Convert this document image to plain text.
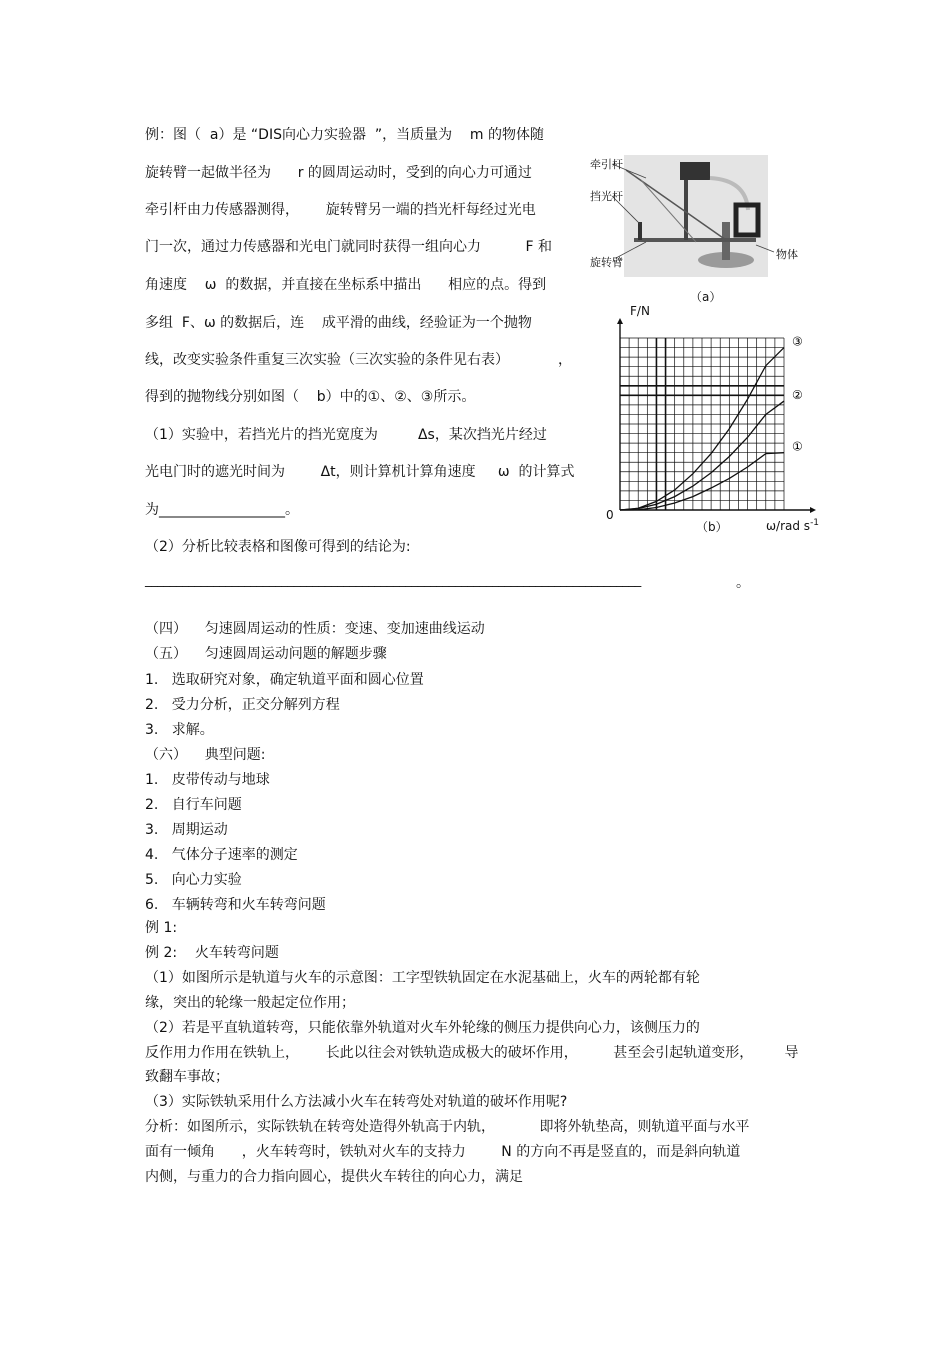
例：图（  a）是 “DIS向心力实验器  ”，当质量为    m 的物体随
旋转臂一起做半径为      r 的圆周运动时，受到的向心力可通过
牵引杆由力传感器测得，      旋转臂另一端的挡光杆每经过光电
门一次，通过力传感器和光电门就同时获得一组向心力          F 和
角速度    ω  的数据，并直接在坐标系中描出      相应的点。得到
多组  F、ω 的数据后，连    成平滑的曲线，经验证为一个抛物
线，改变实验条件重复三次实验（三次实验的条件见右表）           ，
得到的抛物线分别如图（    b）中的①、②、③所示。
（1）实验中，若挡光片的挡光宽度为         Δs，某次挡光片经过
光电门时的遮光时间为        Δt，则计算机计算角速度     ω  的计算式
为__________________。
（2）分析比较表格和图像可得到的结论为:
________________________________________________________________________________	。
牵引杆
挡光杆
旋转臂
物体
（a）
①
②
③
F/N
0
（b）	ω/rad $s^{-1}$
（四）    匀速圆周运动的性质：变速、变加速曲线运动
（五）    匀速圆周运动问题的解题步骤
1.   选取研究对象，确定轨道平面和圆心位置
2.   受力分析，正交分解列方程
3.   求解。
（六）    典型问题:
1.   皮带传动与地球
2.   自行车问题
3.   周期运动
4.   气体分子速率的测定
5.   向心力实验
6.   车辆转弯和火车转弯问题
例 1:
例 2:    火车转弯问题
（1）如图所示是轨道与火车的示意图：工字型铁轨固定在水泥基础上，火车的两轮都有轮
缘，突出的轮缘一般起定位作用；
（2）若是平直轨道转弯，只能依靠外轨道对火车外轮缘的侧压力提供向心力，该侧压力的
反作用力作用在铁轨上，      长此以往会对铁轨造成极大的破坏作用，        甚至会引起轨道变形，       导
致翻车事故；
（3）实际铁轨采用什么方法减小火车在转弯处对轨道的破坏作用呢?
分析：如图所示，实际铁轨在转弯处造得外轨高于内轨，          即将外轨垫高，则轨道平面与水平
面有一倾角      ，火车转弯时，铁轨对火车的支持力        N 的方向不再是竖直的，而是斜向轨道
内侧，与重力的合力指向圆心，提供火车转往的向心力，满足
